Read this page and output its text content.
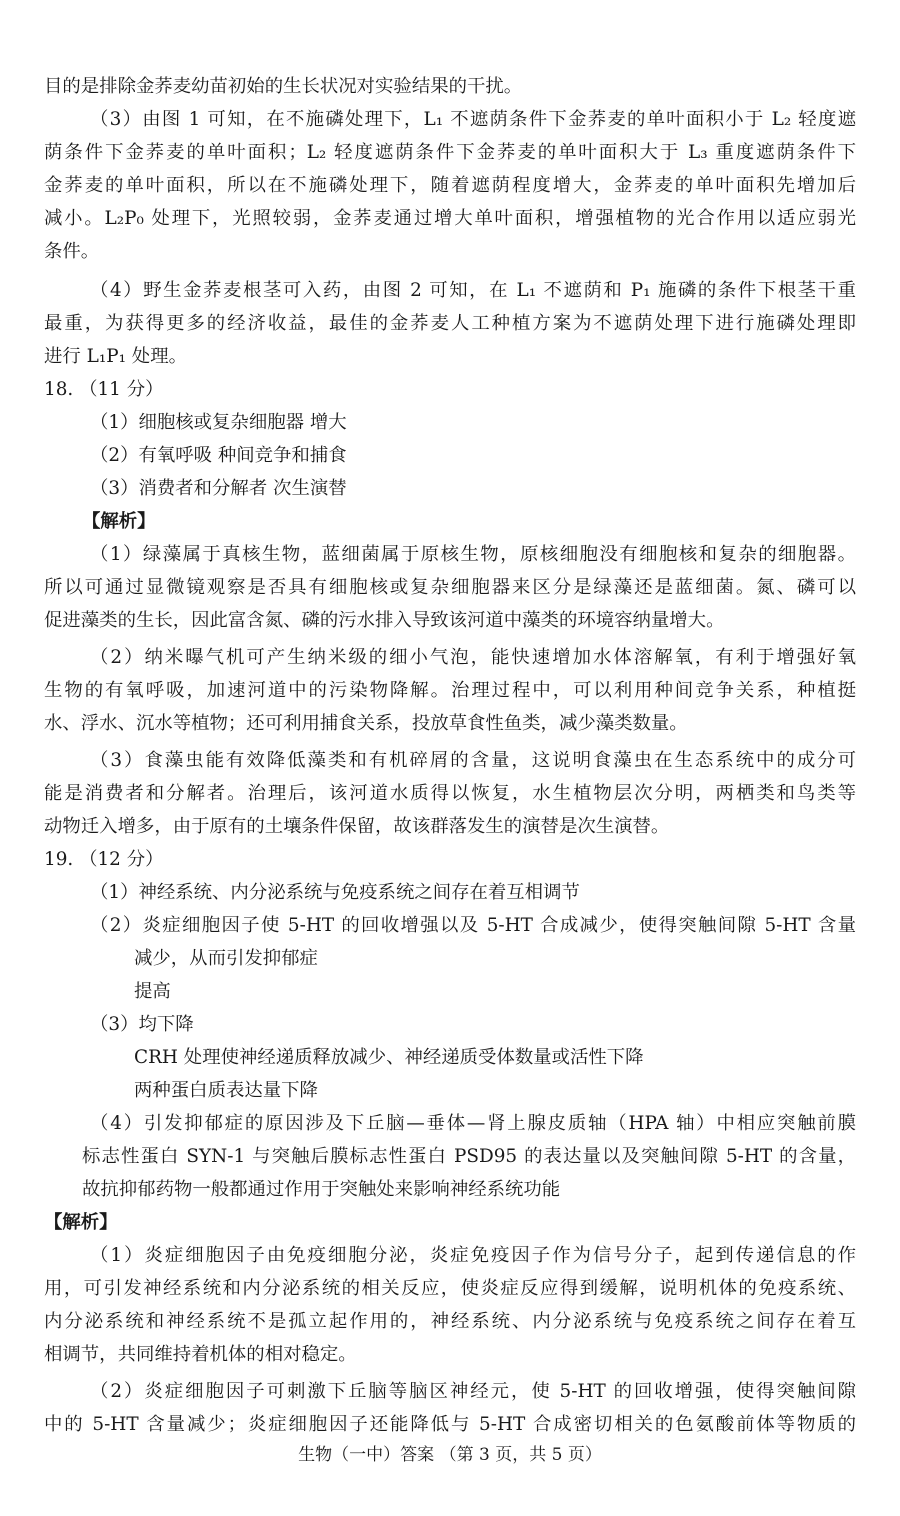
目的是排除金荞麦幼苗初始的生长状况对实验结果的干扰。
（3）由图 1 可知，在不施磷处理下，L₁ 不遮荫条件下金荞麦的单叶面积小于 L₂ 轻度遮
荫条件下金荞麦的单叶面积；L₂ 轻度遮荫条件下金荞麦的单叶面积大于 L₃ 重度遮荫条件下
金荞麦的单叶面积，所以在不施磷处理下，随着遮荫程度增大，金荞麦的单叶面积先增加后
减小。L₂P₀ 处理下，光照较弱，金荞麦通过增大单叶面积，增强植物的光合作用以适应弱光
条件。
（4）野生金荞麦根茎可入药，由图 2 可知，在 L₁ 不遮荫和 P₁ 施磷的条件下根茎干重
最重，为获得更多的经济收益，最佳的金荞麦人工种植方案为不遮荫处理下进行施磷处理即
进行 L₁P₁ 处理。
18. （11 分）
（1）细胞核或复杂细胞器 增大
（2）有氧呼吸 种间竞争和捕食
（3）消费者和分解者 次生演替
【解析】
（1）绿藻属于真核生物，蓝细菌属于原核生物，原核细胞没有细胞核和复杂的细胞器。
所以可通过显微镜观察是否具有细胞核或复杂细胞器来区分是绿藻还是蓝细菌。氮、磷可以
促进藻类的生长，因此富含氮、磷的污水排入导致该河道中藻类的环境容纳量增大。
（2）纳米曝气机可产生纳米级的细小气泡，能快速增加水体溶解氧，有利于增强好氧
生物的有氧呼吸，加速河道中的污染物降解。治理过程中，可以利用种间竞争关系，种植挺
水、浮水、沉水等植物；还可利用捕食关系，投放草食性鱼类，减少藻类数量。
（3）食藻虫能有效降低藻类和有机碎屑的含量，这说明食藻虫在生态系统中的成分可
能是消费者和分解者。治理后，该河道水质得以恢复，水生植物层次分明，两栖类和鸟类等
动物迁入增多，由于原有的土壤条件保留，故该群落发生的演替是次生演替。
19. （12 分）
（1）神经系统、内分泌系统与免疫系统之间存在着互相调节
（2）炎症细胞因子使 5-HT 的回收增强以及 5-HT 合成减少，使得突触间隙 5-HT 含量
减少，从而引发抑郁症
提高
（3）均下降
CRH 处理使神经递质释放减少、神经递质受体数量或活性下降
两种蛋白质表达量下降
（4）引发抑郁症的原因涉及下丘脑—垂体—肾上腺皮质轴（HPA 轴）中相应突触前膜
标志性蛋白 SYN-1 与突触后膜标志性蛋白 PSD95 的表达量以及突触间隙 5-HT 的含量，
故抗抑郁药物一般都通过作用于突触处来影响神经系统功能
【解析】
（1）炎症细胞因子由免疫细胞分泌，炎症免疫因子作为信号分子，起到传递信息的作
用，可引发神经系统和内分泌系统的相关反应，使炎症反应得到缓解，说明机体的免疫系统、
内分泌系统和神经系统不是孤立起作用的，神经系统、内分泌系统与免疫系统之间存在着互
相调节，共同维持着机体的相对稳定。
（2）炎症细胞因子可刺激下丘脑等脑区神经元，使 5-HT 的回收增强，使得突触间隙
中的 5-HT 含量减少；炎症细胞因子还能降低与 5-HT 合成密切相关的色氨酸前体等物质的
生物（一中）答案 （第 3 页，共 5 页）
